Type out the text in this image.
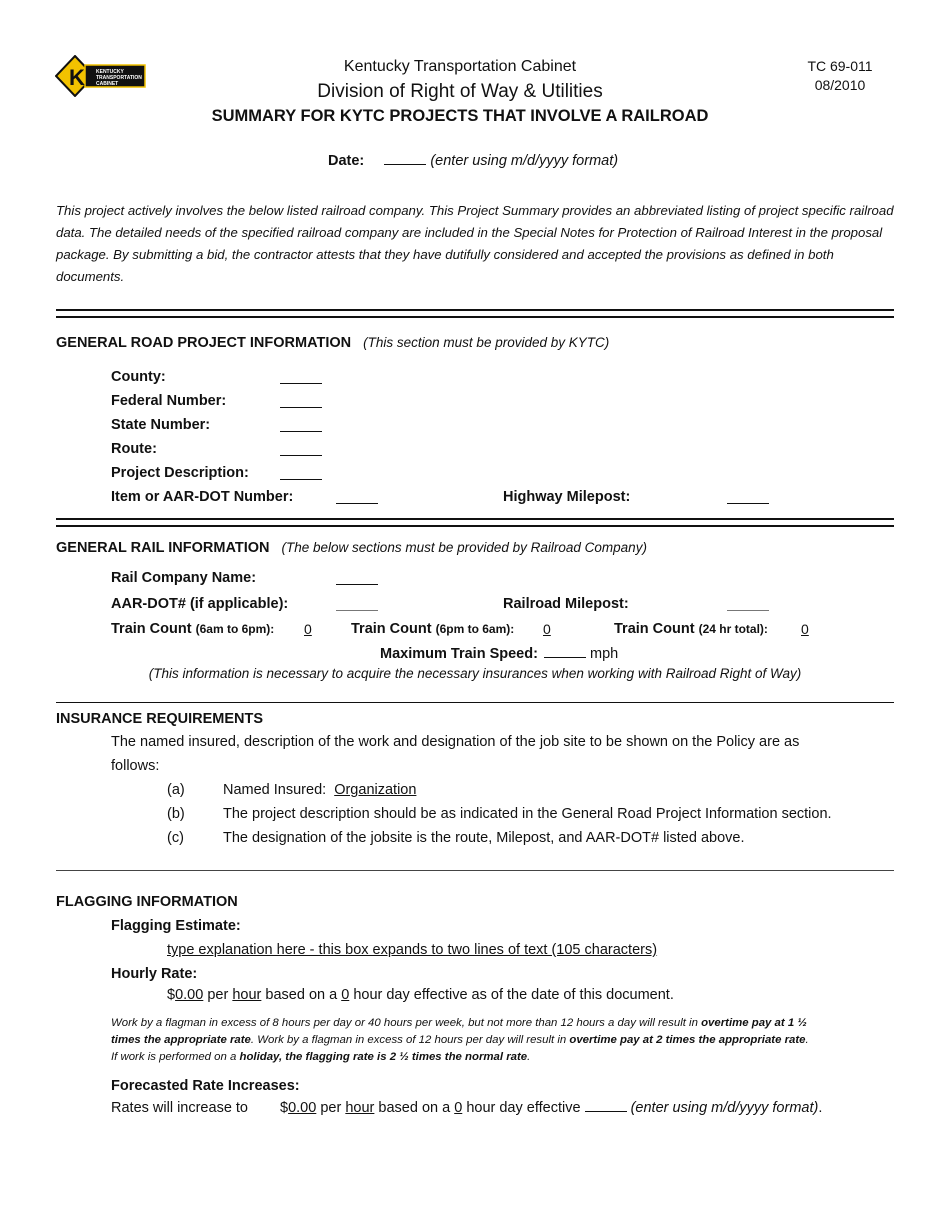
K KENTUCKY TRANSPORTATION CABINET
Kentucky Transportation Cabinet
Division of Right of Way & Utilities
SUMMARY FOR KYTC PROJECTS THAT INVOLVE A RAILROAD
TC 69-011
08/2010
Date:	(enter using m/d/yyyy format)
This project actively involves the below listed railroad company. This Project Summary provides an abbreviated listing of project specific railroad data. The detailed needs of the specified railroad company are included in the Special Notes for Protection of Railroad Interest in the proposal package. By submitting a bid, the contractor attests that they have dutifully considered and accepted the provisions as defined in both documents.
GENERAL ROAD PROJECT INFORMATION (This section must be provided by KYTC)
County:
Federal Number:
State Number:
Route:
Project Description:
Item or AAR-DOT Number:	Highway Milepost:
GENERAL RAIL INFORMATION (The below sections must be provided by Railroad Company)
Rail Company Name:
AAR-DOT# (if applicable):	Railroad Milepost:
Train Count (6am to 6pm): 0	Train Count (6pm to 6am): 0	Train Count (24 hr total): 0
Maximum Train Speed:	mph
(This information is necessary to acquire the necessary insurances when working with Railroad Right of Way)
INSURANCE REQUIREMENTS
The named insured, description of the work and designation of the job site to be shown on the Policy are as
follows:
(a)	Named Insured: Organization
(b)	The project description should be as indicated in the General Road Project Information section.
(c)	The designation of the jobsite is the route, Milepost, and AAR-DOT# listed above.
FLAGGING INFORMATION
Flagging Estimate:
type explanation here - this box expands to two lines of text (105 characters)
Hourly Rate:
$0.00 per hour based on a 0 hour day effective as of the date of this document.
Work by a flagman in excess of 8 hours per day or 40 hours per week, but not more than 12 hours a day will result in overtime pay at 1 ½
times the appropriate rate. Work by a flagman in excess of 12 hours per day will result in overtime pay at 2 times the appropriate rate.
If work is performed on a holiday, the flagging rate is 2 ½ times the normal rate.
Forecasted Rate Increases:
Rates will increase to $0.00 per hour based on a 0 hour day effective	(enter using m/d/yyyy format).
